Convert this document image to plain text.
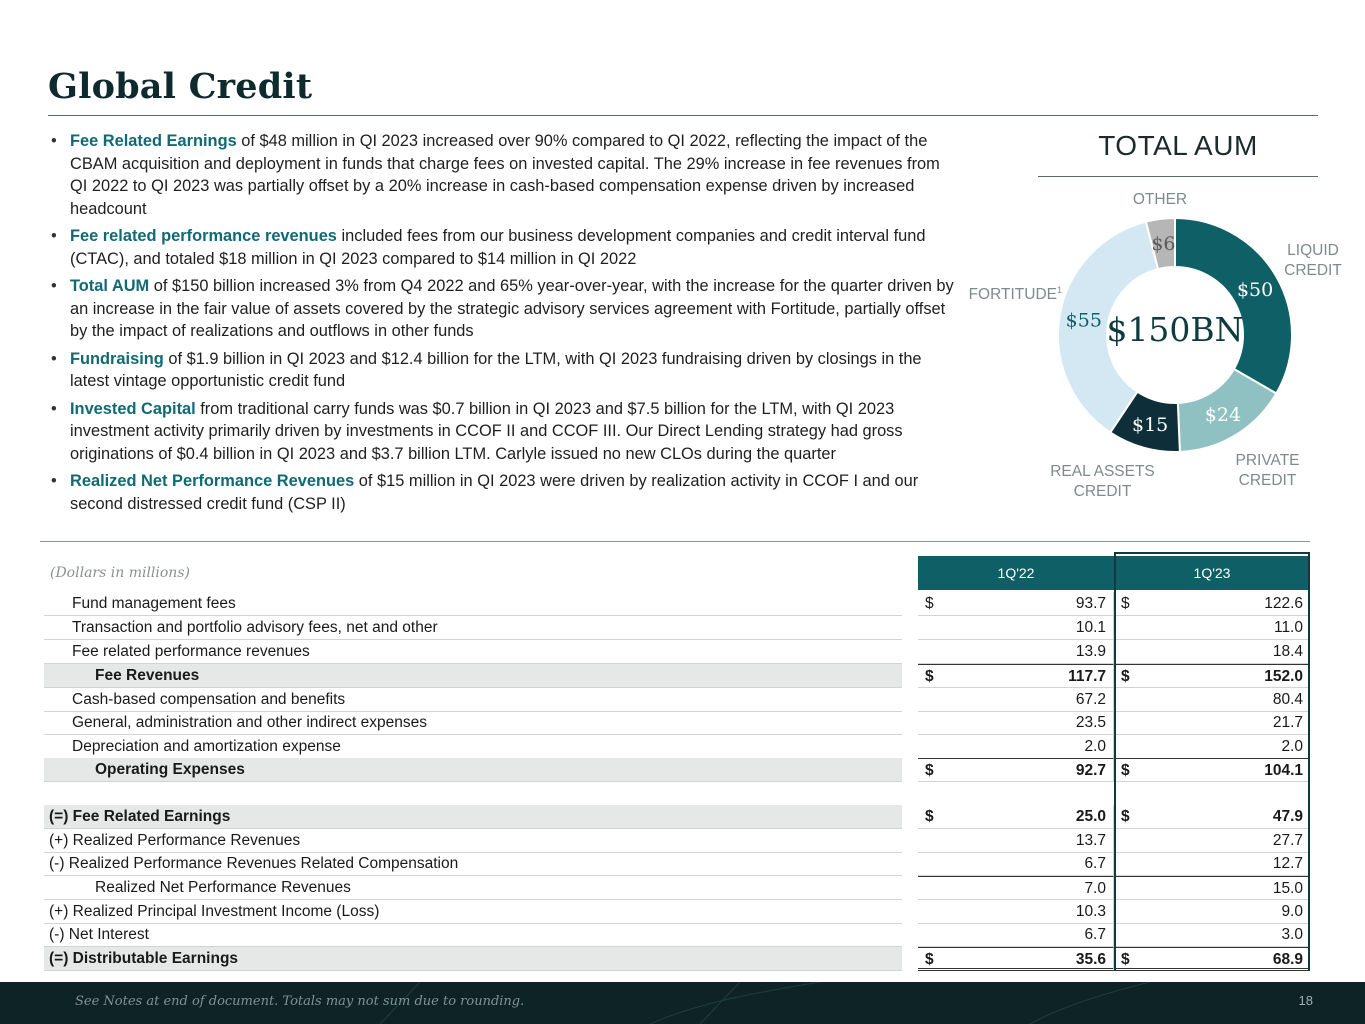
Global Credit
• Fee Related Earnings of $48 million in QI 2023 increased over 90% compared to QI 2022, reflecting the impact of the CBAM acquisition and deployment in funds that charge fees on invested capital. The 29% increase in fee revenues from QI 2022 to QI 2023 was partially offset by a 20% increase in cash-based compensation expense driven by increased headcount
• Fee related performance revenues included fees from our business development companies and credit interval fund (CTAC), and totaled $18 million in QI 2023 compared to $14 million in QI 2022
• Total AUM of $150 billion increased 3% from Q4 2022 and 65% year-over-year, with the increase for the quarter driven by an increase in the fair value of assets covered by the strategic advisory services agreement with Fortitude, partially offset by the impact of realizations and outflows in other funds
• Fundraising of $1.9 billion in QI 2023 and $12.4 billion for the LTM, with QI 2023 fundraising driven by closings in the latest vintage opportunistic credit fund
• Invested Capital from traditional carry funds was $0.7 billion in QI 2023 and $7.5 billion for the LTM, with QI 2023 investment activity primarily driven by investments in CCOF II and CCOF III. Our Direct Lending strategy had gross originations of $0.4 billion in QI 2023 and $3.7 billion LTM. Carlyle issued no new CLOs during the quarter
• Realized Net Performance Revenues of $15 million in QI 2023 were driven by realization activity in CCOF I and our second distressed credit fund (CSP II)
TOTAL AUM
$50
$24
$15
$55
$6
$150BN
OTHER
LIQUID CREDIT
PRIVATE CREDIT
REAL ASSETS CREDIT
FORTITUDE$^1$
(Dollars in millions)	1Q'22	1Q'23
Fund management fees	$	93.7 $	122.6
Transaction and portfolio advisory fees, net and other	10.1	11.0
Fee related performance revenues	13.9	18.4
Fee Revenues	$	117.7 $	152.0
Cash-based compensation and benefits	67.2	80.4
General, administration and other indirect expenses	23.5	21.7
Depreciation and amortization expense	2.0	2.0
Operating Expenses	$	92.7 $	104.1
(=) Fee Related Earnings	$	25.0 $	47.9
(+) Realized Performance Revenues	13.7	27.7
(-) Realized Performance Revenues Related Compensation	6.7	12.7
Realized Net Performance Revenues	7.0	15.0
(+) Realized Principal Investment Income (Loss)	10.3	9.0
(-) Net Interest	6.7	3.0
(=) Distributable Earnings	$	35.6 $	68.9
See Notes at end of document. Totals may not sum due to rounding.	18
